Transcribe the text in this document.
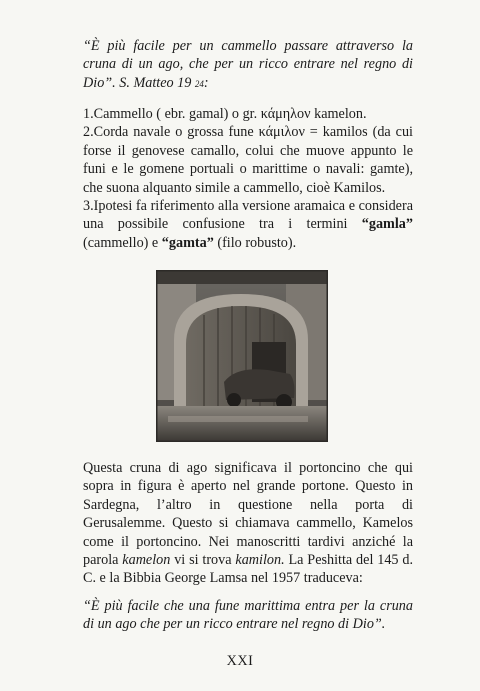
“È più facile per un cammello passare attraverso la cruna di un ago, che per un ricco entrare nel regno di Dio”. S. Matteo 19 24:

1.Cammello ( ebr. gamal) o gr. κάμηλον kamelon.

2.Corda navale o grossa fune κάμιλον = kamilos (da cui forse il genovese camallo, colui che muove appunto le funi e le gomene portuali o marittime o navali: gamte), che suona alquanto simile a cammello, cioè Kamilos.

3.Ipotesi fa riferimento alla versione aramaica e considera una possibile confusione tra i termini “gamla” (cammello) e “gamta” (filo robusto).

Questa cruna di ago significava il portoncino che qui sopra in figura è aperto nel grande portone. Questo in Sardegna, l’altro in questione nella porta di Gerusalemme. Questo si chiamava cammello, Kamelos come il portoncino. Nei manoscritti tardivi anziché la parola kamelon vi si trova kamilon. La Peshitta del 145 d. C. e la Bibbia George Lamsa nel 1957 traduceva:
“È più facile che una fune marittima entra per la cruna di un ago che per un ricco entrare nel regno di Dio”.
XXI
